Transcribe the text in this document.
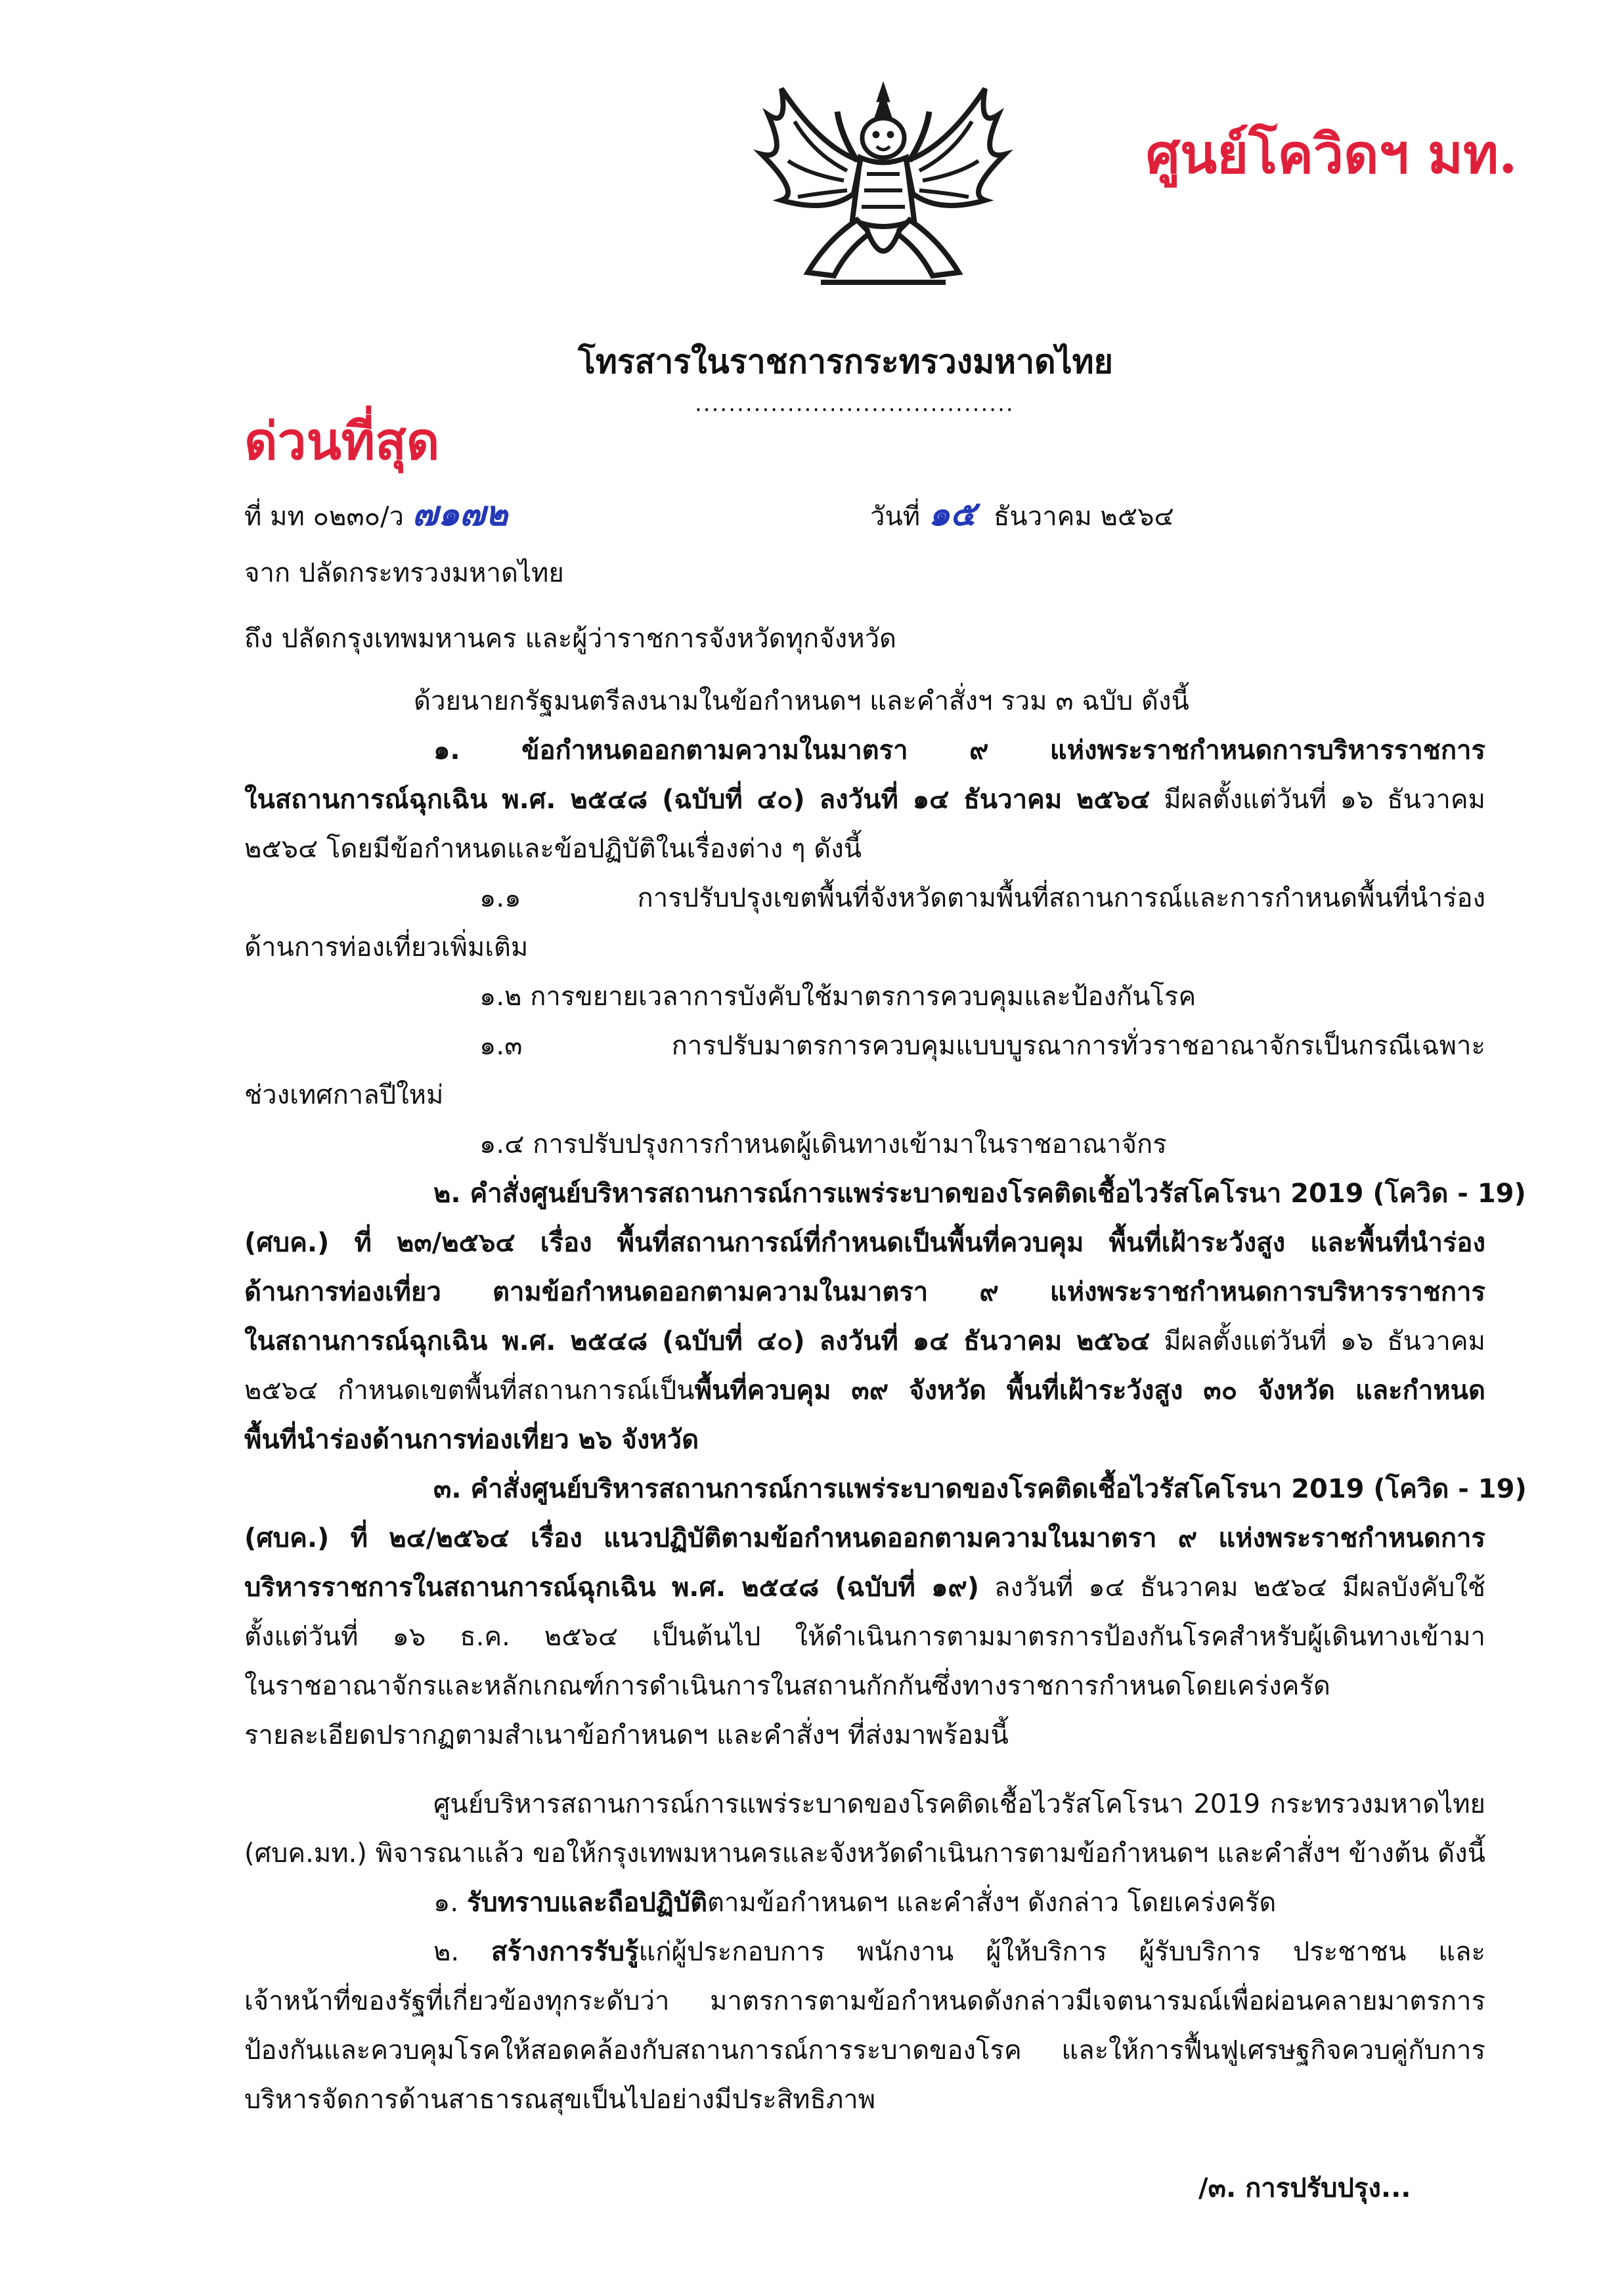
ศูนย์โควิดฯ มท.
โทรสารในราชการกระทรวงมหาดไทย
......................................
ด่วนที่สุด
ที่ มท ๐๒๓๐/ว ๗๑๗๒	วันที่ ๑๕ ธันวาคม ๒๕๖๔
จาก ปลัดกระทรวงมหาดไทย
ถึง ปลัดกรุงเทพมหานคร และผู้ว่าราชการจังหวัดทุกจังหวัด
ด้วยนายกรัฐมนตรีลงนามในข้อกำหนดฯ และคำสั่งฯ รวม ๓ ฉบับ ดังนี้
๑. ข้อกำหนดออกตามความในมาตรา ๙ แห่งพระราชกำหนดการบริหารราชการ
ในสถานการณ์ฉุกเฉิน พ.ศ. ๒๕๔๘ (ฉบับที่ ๔๐) ลงวันที่ ๑๔ ธันวาคม ๒๕๖๔ มีผลตั้งแต่วันที่ ๑๖ ธันวาคม
๒๕๖๔ โดยมีข้อกำหนดและข้อปฏิบัติในเรื่องต่าง ๆ ดังนี้
๑.๑ การปรับปรุงเขตพื้นที่จังหวัดตามพื้นที่สถานการณ์และการกำหนดพื้นที่นำร่อง
ด้านการท่องเที่ยวเพิ่มเติม
๑.๒ การขยายเวลาการบังคับใช้มาตรการควบคุมและป้องกันโรค
๑.๓ การปรับมาตรการควบคุมแบบบูรณาการทั่วราชอาณาจักรเป็นกรณีเฉพาะ
ช่วงเทศกาลปีใหม่
๑.๔ การปรับปรุงการกำหนดผู้เดินทางเข้ามาในราชอาณาจักร
๒. คำสั่งศูนย์บริหารสถานการณ์การแพร่ระบาดของโรคติดเชื้อไวรัสโคโรนา 2019 (โควิด - 19)
(ศบค.) ที่ ๒๓/๒๕๖๔ เรื่อง พื้นที่สถานการณ์ที่กำหนดเป็นพื้นที่ควบคุม พื้นที่เฝ้าระวังสูง และพื้นที่นำร่อง
ด้านการท่องเที่ยว ตามข้อกำหนดออกตามความในมาตรา ๙ แห่งพระราชกำหนดการบริหารราชการ
ในสถานการณ์ฉุกเฉิน พ.ศ. ๒๕๔๘ (ฉบับที่ ๔๐) ลงวันที่ ๑๔ ธันวาคม ๒๕๖๔ มีผลตั้งแต่วันที่ ๑๖ ธันวาคม
๒๕๖๔ กำหนดเขตพื้นที่สถานการณ์เป็นพื้นที่ควบคุม ๓๙ จังหวัด พื้นที่เฝ้าระวังสูง ๓๐ จังหวัด และกำหนด
พื้นที่นำร่องด้านการท่องเที่ยว ๒๖ จังหวัด
๓. คำสั่งศูนย์บริหารสถานการณ์การแพร่ระบาดของโรคติดเชื้อไวรัสโคโรนา 2019 (โควิด - 19)
(ศบค.) ที่ ๒๔/๒๕๖๔ เรื่อง แนวปฏิบัติตามข้อกำหนดออกตามความในมาตรา ๙ แห่งพระราชกำหนดการ
บริหารราชการในสถานการณ์ฉุกเฉิน พ.ศ. ๒๕๔๘ (ฉบับที่ ๑๙) ลงวันที่ ๑๔ ธันวาคม ๒๕๖๔ มีผลบังคับใช้
ตั้งแต่วันที่ ๑๖ ธ.ค. ๒๕๖๔ เป็นต้นไป ให้ดำเนินการตามมาตรการป้องกันโรคสำหรับผู้เดินทางเข้ามา
ในราชอาณาจักรและหลักเกณฑ์การดำเนินการในสถานกักกันซึ่งทางราชการกำหนดโดยเคร่งครัด
รายละเอียดปรากฏตามสำเนาข้อกำหนดฯ และคำสั่งฯ ที่ส่งมาพร้อมนี้
ศูนย์บริหารสถานการณ์การแพร่ระบาดของโรคติดเชื้อไวรัสโคโรนา 2019 กระทรวงมหาดไทย
(ศบค.มท.) พิจารณาแล้ว ขอให้กรุงเทพมหานครและจังหวัดดำเนินการตามข้อกำหนดฯ และคำสั่งฯ ข้างต้น ดังนี้
๑. รับทราบและถือปฏิบัติตามข้อกำหนดฯ และคำสั่งฯ ดังกล่าว โดยเคร่งครัด
๒. สร้างการรับรู้แก่ผู้ประกอบการ พนักงาน ผู้ให้บริการ ผู้รับบริการ ประชาชน และ
เจ้าหน้าที่ของรัฐที่เกี่ยวข้องทุกระดับว่า มาตรการตามข้อกำหนดดังกล่าวมีเจตนารมณ์เพื่อผ่อนคลายมาตรการ
ป้องกันและควบคุมโรคให้สอดคล้องกับสถานการณ์การระบาดของโรค และให้การฟื้นฟูเศรษฐกิจควบคู่กับการ
บริหารจัดการด้านสาธารณสุขเป็นไปอย่างมีประสิทธิภาพ
/๓. การปรับปรุง...
